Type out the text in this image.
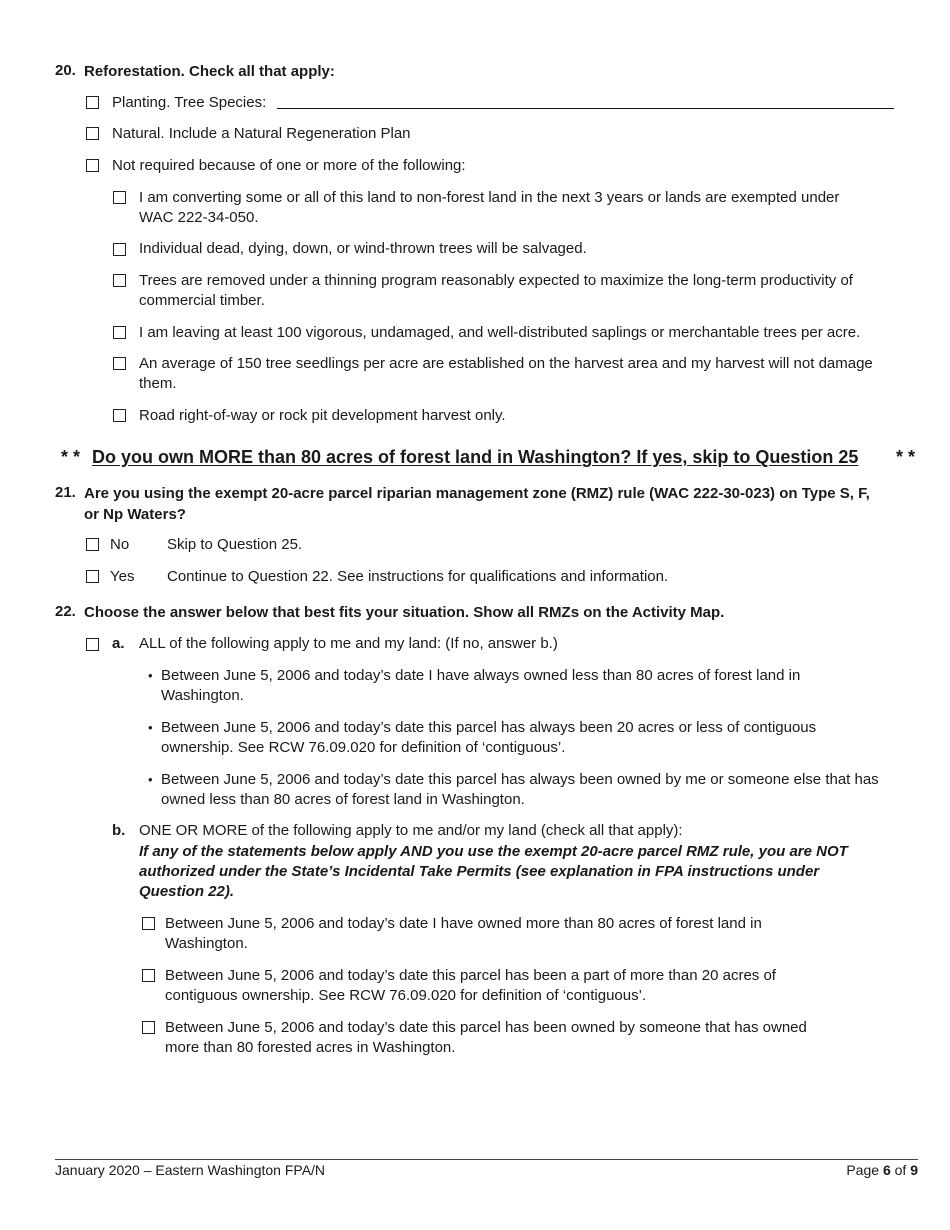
20. Reforestation. Check all that apply:
Planting. Tree Species:
Natural. Include a Natural Regeneration Plan
Not required because of one or more of the following:
I am converting some or all of this land to non-forest land in the next 3 years or lands are exempted under
WAC 222-34-050.
Individual dead, dying, down, or wind-thrown trees will be salvaged.
Trees are removed under a thinning program reasonably expected to maximize the long-term productivity of
commercial timber.
I am leaving at least 100 vigorous, undamaged, and well-distributed saplings or merchantable trees per acre.
An average of 150 tree seedlings per acre are established on the harvest area and my harvest will not damage
them.
Road right-of-way or rock pit development harvest only.
* * Do you own MORE than 80 acres of forest land in Washington? If yes, skip to Question 25 * *
21. Are you using the exempt 20-acre parcel riparian management zone (RMZ) rule (WAC 222-30-023) on Type S, F,
or Np Waters?
No	Skip to Question 25.
Yes Continue to Question 22. See instructions for qualifications and information.
22. Choose the answer below that best fits your situation. Show all RMZs on the Activity Map.
a. ALL of the following apply to me and my land: (If no, answer b.)
• Between June 5, 2006 and today’s date I have always owned less than 80 acres of forest land in
Washington.
• Between June 5, 2006 and today’s date this parcel has always been 20 acres or less of contiguous
ownership. See RCW 76.09.020 for definition of ‘contiguous’.
• Between June 5, 2006 and today’s date this parcel has always been owned by me or someone else that has
owned less than 80 acres of forest land in Washington.
b. ONE OR MORE of the following apply to me and/or my land (check all that apply):
If any of the statements below apply AND you use the exempt 20-acre parcel RMZ rule, you are NOT
authorized under the State’s Incidental Take Permits (see explanation in FPA instructions under
Question 22).
Between June 5, 2006 and today’s date I have owned more than 80 acres of forest land in
Washington.
Between June 5, 2006 and today’s date this parcel has been a part of more than 20 acres of
contiguous ownership. See RCW 76.09.020 for definition of ‘contiguous’.
Between June 5, 2006 and today’s date this parcel has been owned by someone that has owned
more than 80 forested acres in Washington.
January 2020 – Eastern Washington FPA/N	Page 6 of 9
